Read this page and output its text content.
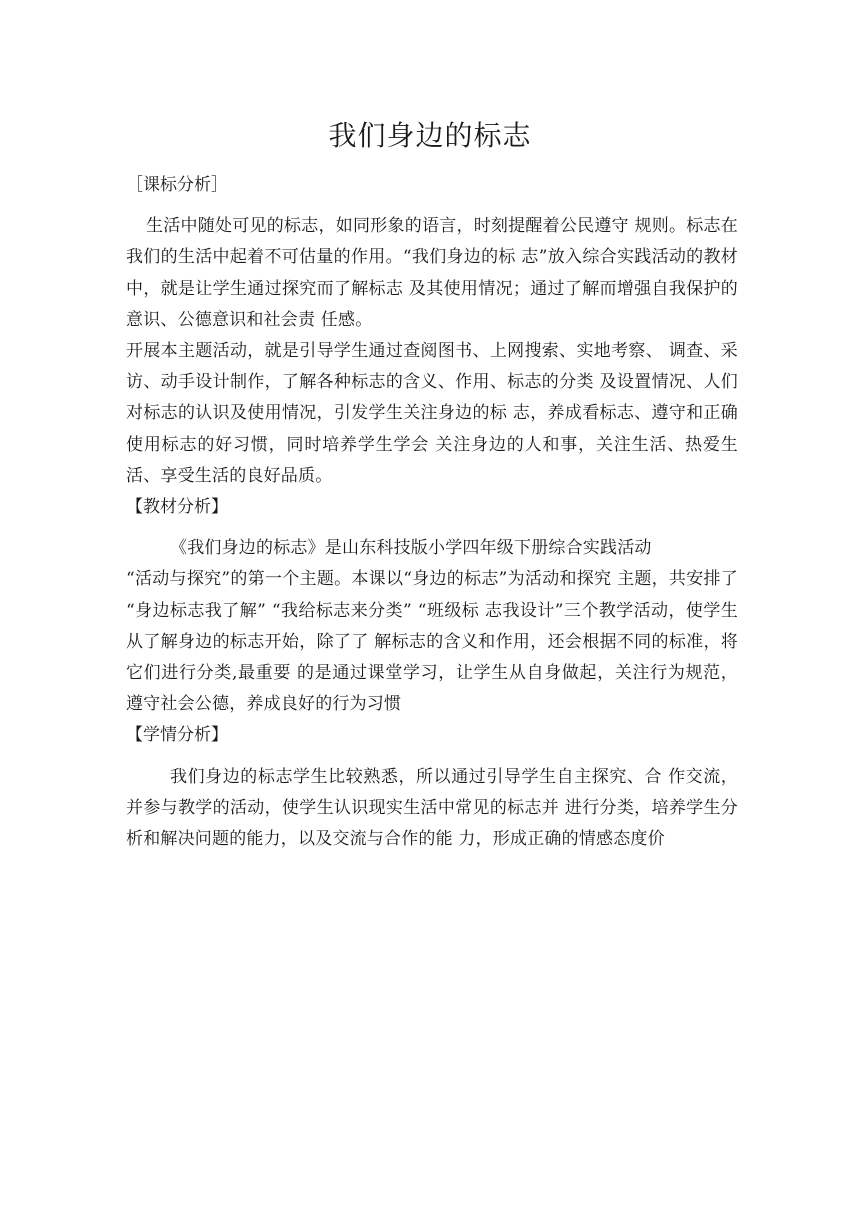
我们身边的标志
［课标分析］

生活中随处可见的标志，如同形象的语言，时刻提醒着公民遵守 规则。标志在我们的生活中起着不可估量的作用。“我们身边的标 志”放入综合实践活动的教材中，就是让学生通过探究而了解标志 及其使用情况；通过了解而增强自我保护的意识、公德意识和社会责 任感。

开展本主题活动，就是引导学生通过查阅图书、上网搜索、实地考察、 调查、采访、动手设计制作，了解各种标志的含义、作用、标志的分类 及设置情况、人们对标志的认识及使用情况，引发学生关注身边的标 志，养成看标志、遵守和正确使用标志的好习惯，同时培养学生学会 关注身边的人和事，关注生活、热爱生活、享受生活的良好品质。

【教材分析】

《我们身边的标志》是山东科技版小学四年级下册综合实践活动

“活动与探究”的第一个主题。本课以“身边的标志”为活动和探究 主题，共安排了 “身边标志我了解” “我给标志来分类” “班级标 志我设计”三个教学活动，使学生从了解身边的标志开始，除了了 解标志的含义和作用，还会根据不同的标准，将它们进行分类,最重要 的是通过课堂学习，让学生从自身做起，关注行为规范，遵守社会公德，养成良好的行为习惯

【学情分析】

我们身边的标志学生比较熟悉，所以通过引导学生自主探究、合 作交流，并参与教学的活动，使学生认识现实生活中常见的标志并 进行分类，培养学生分析和解决问题的能力，以及交流与合作的能 力，形成正确的情感态度价
